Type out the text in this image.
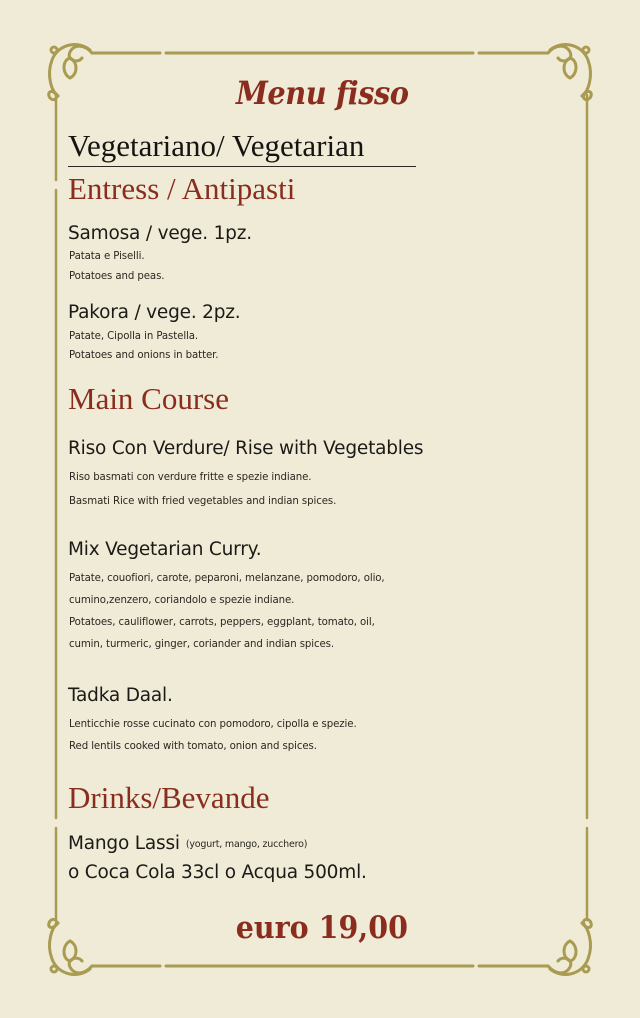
Menu fisso
Vegetariano/ Vegetarian
Entress / Antipasti
Samosa / vege. 1pz.
Patata e Piselli.
Potatoes and peas.
Pakora / vege. 2pz.
Patate, Cipolla in Pastella.
Potatoes and onions in batter.
Main Course
Riso Con Verdure/ Rise with Vegetables
Riso basmati con verdure fritte e spezie indiane.
Basmati Rice with fried vegetables and indian spices.
Mix Vegetarian Curry.
Patate, couofiori, carote, peparoni, melanzane, pomodoro, olio,
cumino,zenzero, coriandolo e spezie indiane.
Potatoes, cauliflower, carrots, peppers, eggplant, tomato, oil,
cumin, turmeric, ginger, coriander and indian spices.
Tadka Daal.
Lenticchie rosse cucinato con pomodoro, cipolla e spezie.
Red lentils cooked with tomato, onion and spices.
Drinks/Bevande
Mango Lassi (yogurt, mango, zucchero)
o Coca Cola 33cl o Acqua 500ml.
euro 19,00
